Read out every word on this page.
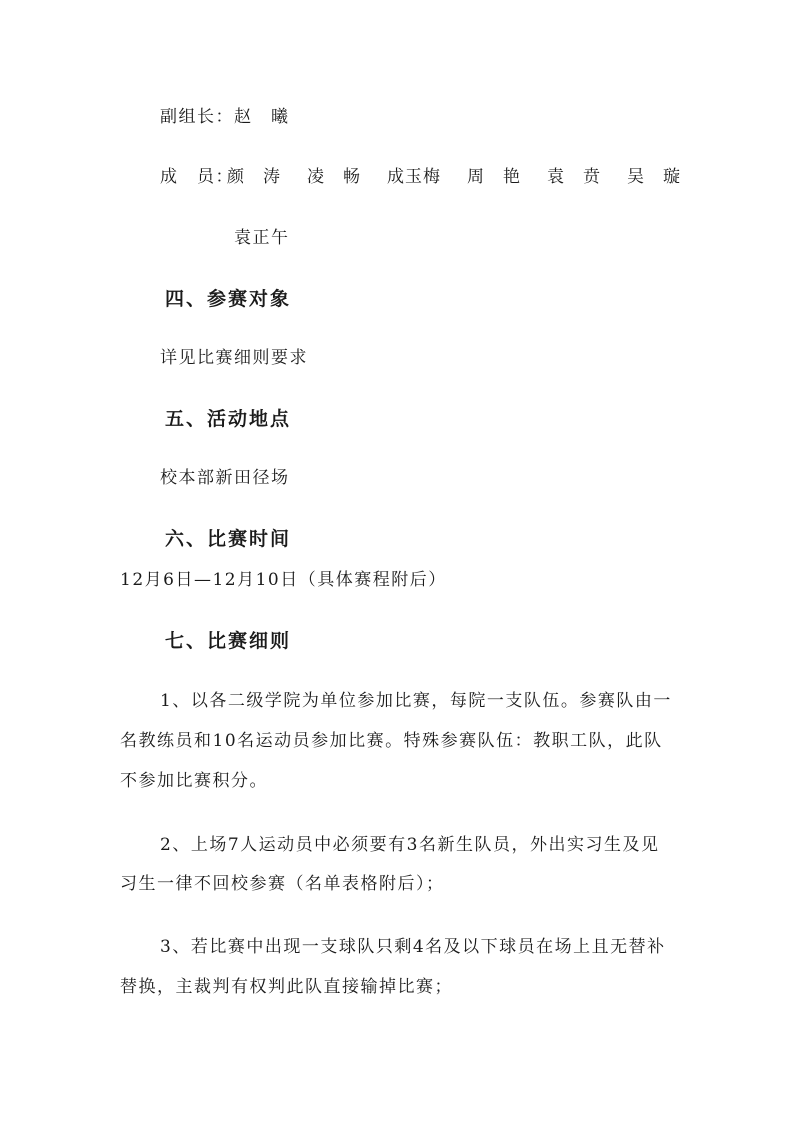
副组长：赵　曦
成　员：
颜　涛	凌　畅	成玉梅	周　艳	袁　贲	吴　璇
袁正午
四、参赛对象
详见比赛细则要求
五、活动地点
校本部新田径场
六、比赛时间
12月6日—12月10日（具体赛程附后）
七、比赛细则
1、以各二级学院为单位参加比赛，每院一支队伍。参赛队由一
名教练员和10名运动员参加比赛。特殊参赛队伍：教职工队，此队
不参加比赛积分。
2、上场7人运动员中必须要有3名新生队员，外出实习生及见
习生一律不回校参赛（名单表格附后）；
3、若比赛中出现一支球队只剩4名及以下球员在场上且无替补
替换，主裁判有权判此队直接输掉比赛；
